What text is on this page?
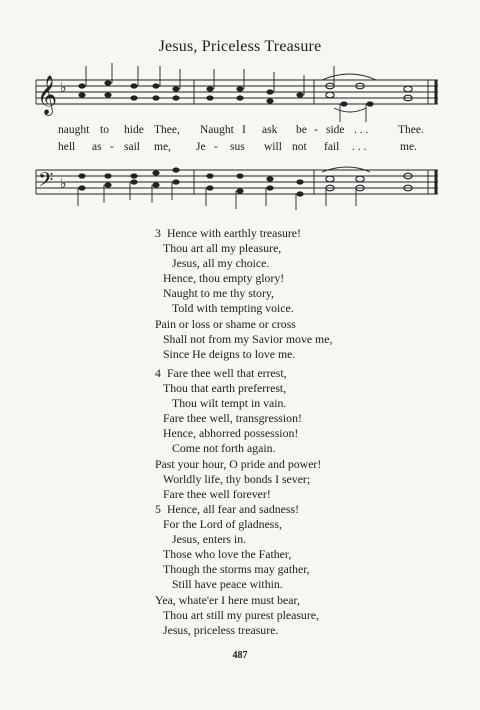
Jesus, Priceless Treasure
𝄞 ♭
naught to hide Thee, Naught I ask be - side . . .	Thee.
hell as - sail me, Je - sus will not fail . . .	me.
𝄢 ♭
3 Hence with earthly treasure!
Thou art all my pleasure,
Jesus, all my choice.
Hence, thou empty glory!
Naught to me thy story,
Told with tempting voice.
Pain or loss or shame or cross
Shall not from my Savior move me,
Since He deigns to love me.
4 Fare thee well that errest,
Thou that earth preferrest,
Thou wilt tempt in vain.
Fare thee well, transgression!
Hence, abhorred possession!
Come not forth again.
Past your hour, O pride and power!
Worldly life, thy bonds I sever;
Fare thee well forever!
5 Hence, all fear and sadness!
For the Lord of gladness,
Jesus, enters in.
Those who love the Father,
Though the storms may gather,
Still have peace within.
Yea, whate'er I here must bear,
Thou art still my purest pleasure,
Jesus, priceless treasure.
487
